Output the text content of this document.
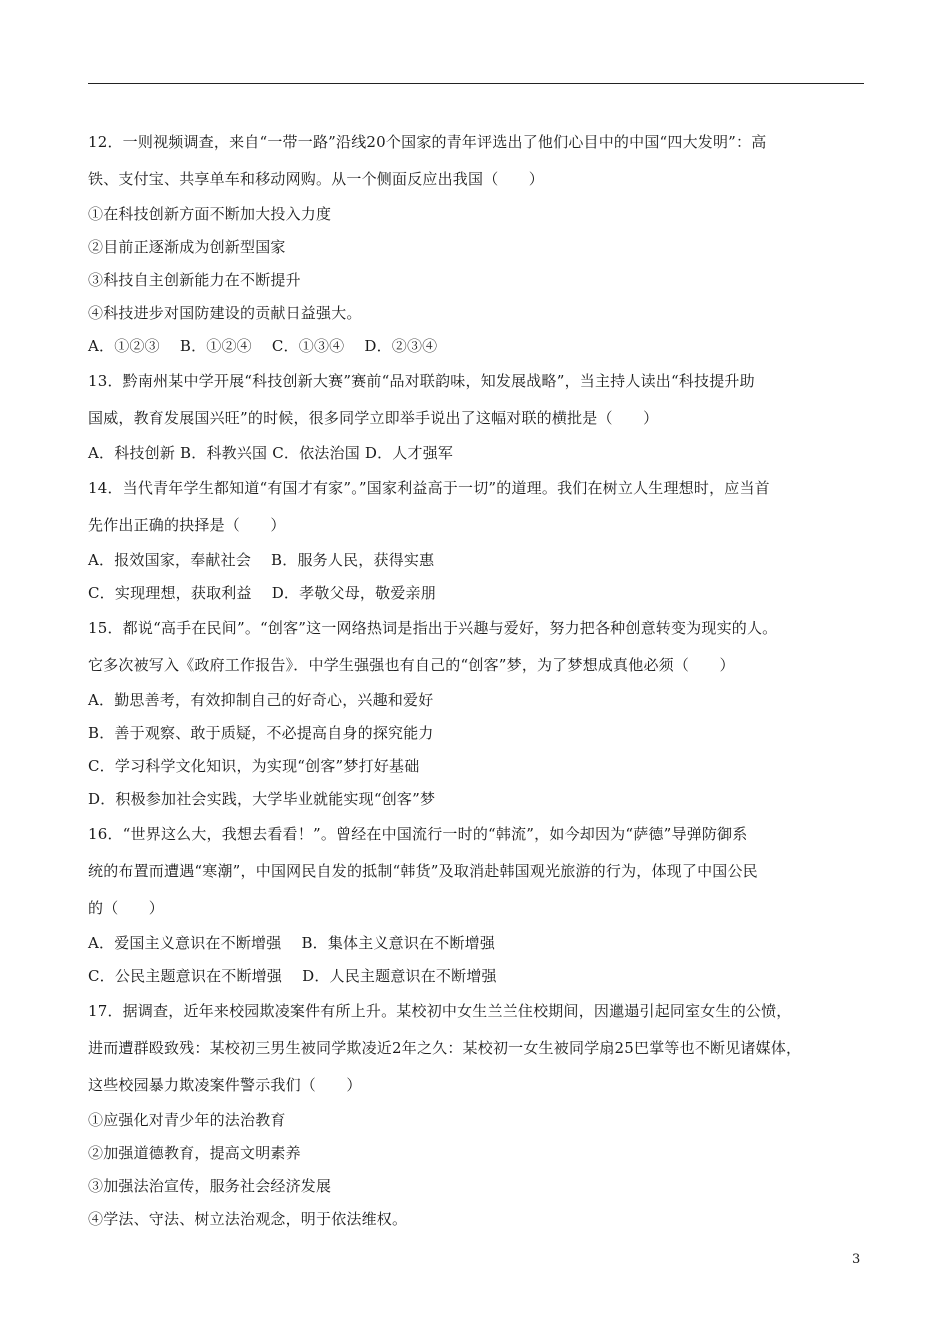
12．一则视频调查，来自“一带一路”沿线20个国家的青年评选出了他们心目中的中国“四大发明”：高
铁、支付宝、共享单车和移动网购。从一个侧面反应出我国（　　）
①在科技创新方面不断加大投入力度
②目前正逐渐成为创新型国家
③科技自主创新能力在不断提升
④科技进步对国防建设的贡献日益强大。
A．①②③ B．①②④ C．①③④ D．②③④
13．黔南州某中学开展“科技创新大赛”赛前“品对联韵味，知发展战略”，当主持人读出“科技提升助
国威，教育发展国兴旺”的时候，很多同学立即举手说出了这幅对联的横批是（　　）
A．科技创新 B．科教兴国 C．依法治国 D．人才强军
14．当代青年学生都知道“有国才有家”。”国家利益高于一切”的道理。我们在树立人生理想时，应当首
先作出正确的抉择是（　　）
A．报效国家，奉献社会 B．服务人民，获得实惠
C．实现理想，获取利益 D．孝敬父母，敬爱亲朋
15．都说“高手在民间”。“创客”这一网络热词是指出于兴趣与爱好，努力把各种创意转变为现实的人。
它多次被写入《政府工作报告》．中学生强强也有自己的“创客”梦，为了梦想成真他必须（　　）
A．勤思善考，有效抑制自己的好奇心，兴趣和爱好
B．善于观察、敢于质疑，不必提高自身的探究能力
C．学习科学文化知识，为实现“创客”梦打好基础
D．积极参加社会实践，大学毕业就能实现“创客”梦
16．“世界这么大，我想去看看！”。曾经在中国流行一时的“韩流”，如今却因为“萨德”导弹防御系
统的布置而遭遇“寒潮”，中国网民自发的抵制“韩货”及取消赴韩国观光旅游的行为，体现了中国公民
的（　　）
A．爱国主义意识在不断增强 B．集体主义意识在不断增强
C．公民主题意识在不断增强 D．人民主题意识在不断增强
17．据调查，近年来校园欺凌案件有所上升。某校初中女生兰兰住校期间，因邋遢引起同室女生的公愤，
进而遭群殴致残：某校初三男生被同学欺凌近2年之久：某校初一女生被同学扇25巴掌等也不断见诸媒体，
这些校园暴力欺凌案件警示我们（　　）
①应强化对青少年的法治教育
②加强道德教育，提高文明素养
③加强法治宣传，服务社会经济发展
④学法、守法、树立法治观念，明于依法维权。
3
